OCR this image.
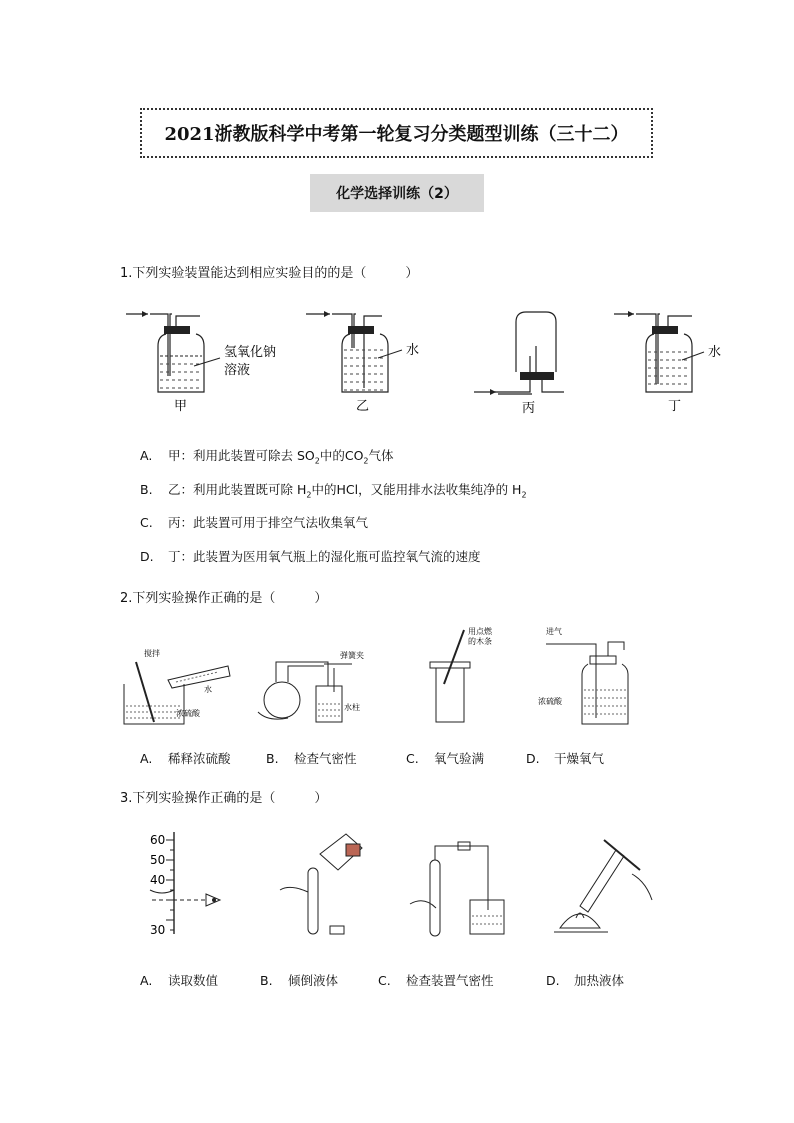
2021浙教版科学中考第一轮复习分类题型训练（三十二）
化学选择训练（2）
1.下列实验装置能达到相应实验目的的是（　　　）
氢氧化钠
溶液
甲
水
乙	丙
水
丁
A. 甲：利用此装置可除去 $SO_2$中的$CO_2$气体
B. 乙：利用此装置既可除 $H_2$中的HCl，又能用排水法收集纯净的 $H_2$
C. 丙：此装置可用于排空气法收集氧气
D. 丁：此装置为医用氧气瓶上的湿化瓶可监控氧气流的速度
2.下列实验操作正确的是（　　　）
搅拌
水
浓硫酸
弹簧夹
水柱
用点燃
的木条
进气
浓硫酸
A. 稀释浓硫酸	B. 检查气密性	C. 氧气验满	D. 干燥氧气
3.下列实验操作正确的是（　　　）
60
50
40
30
A. 读取数值	B. 倾倒液体	C. 检查装置气密性	D. 加热液体
